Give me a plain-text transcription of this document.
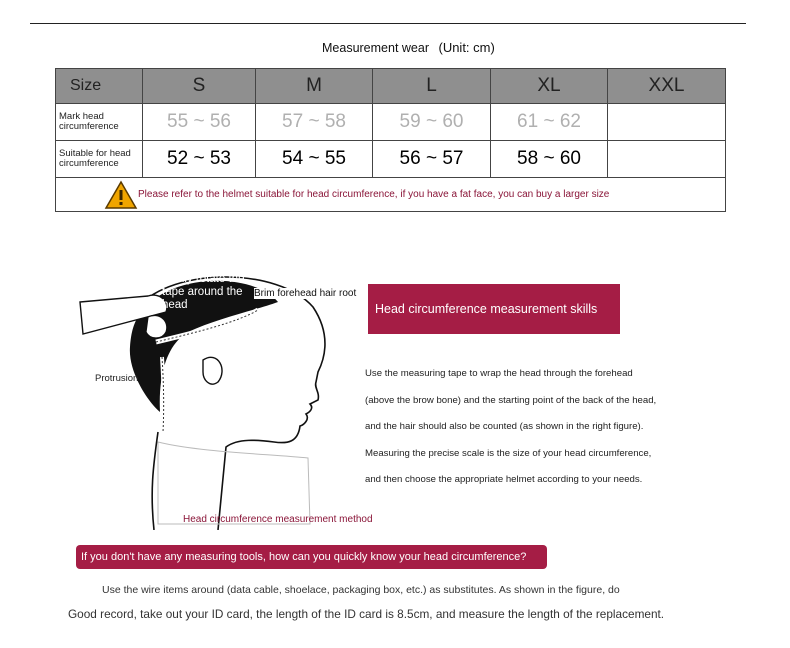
Measurement wear (Unit: cm)
Size	S	M	L	XL	XXL
Mark head circumference	55 ~ 56	57 ~ 58	59 ~ 60	61 ~ 62	
Suitable for head circumference	52 ~ 53	54 ~ 55	56 ~ 57	58 ~ 60	

Please refer to the helmet suitable for head circumference, if you have a fat face, you can buy a larger size					
Easily rotate the tape around the head
Brim forehead hair root
Protrusion
Head circumference measurement method
Head circumference measurement skills
Use the measuring tape to wrap the head through the forehead
(above the brow bone) and the starting point of the back of the head,
and the hair should also be counted (as shown in the right figure).
Measuring the precise scale is the size of your head circumference,
and then choose the appropriate helmet according to your needs.
If you don't have any measuring tools, how can you quickly know your head circumference?
Use the wire items around (data cable, shoelace, packaging box, etc.) as substitutes. As shown in the figure, do
Good record, take out your ID card, the length of the ID card is 8.5cm, and measure the length of the replacement.
